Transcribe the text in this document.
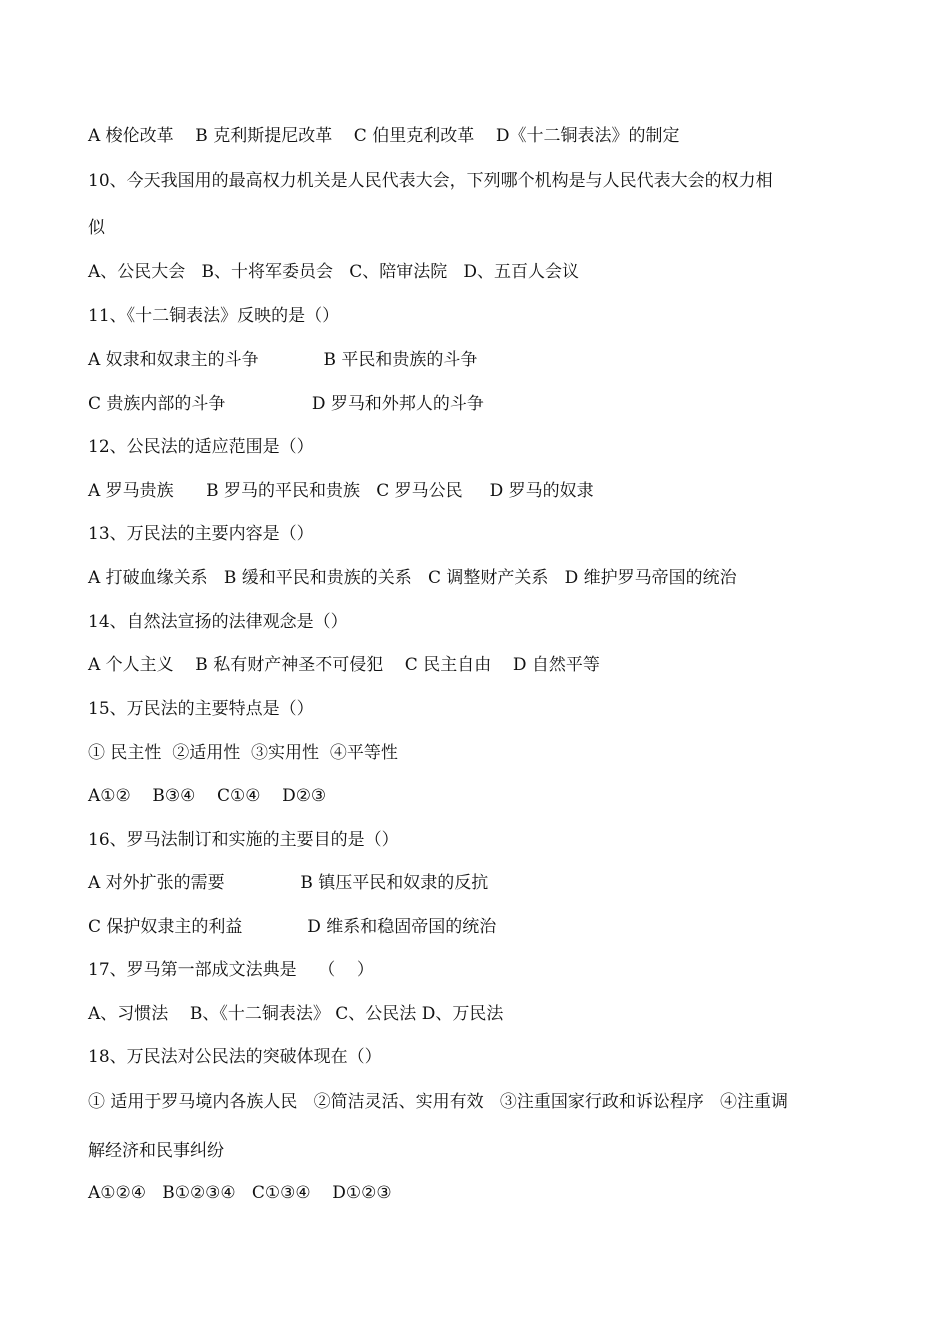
A 梭伦改革    B 克利斯提尼改革    C 伯里克利改革    D《十二铜表法》的制定
10、今天我国用的最高权力机关是人民代表大会，下列哪个机构是与人民代表大会的权力相
似
A、公民大会   B、十将军委员会   C、陪审法院   D、五百人会议
11、《十二铜表法》反映的是（）
A 奴隶和奴隶主的斗争            B 平民和贵族的斗争
C 贵族内部的斗争                D 罗马和外邦人的斗争
12、公民法的适应范围是（）
A 罗马贵族      B 罗马的平民和贵族   C 罗马公民     D 罗马的奴隶
13、万民法的主要内容是（）
A 打破血缘关系   B 缓和平民和贵族的关系   C 调整财产关系   D 维护罗马帝国的统治
14、自然法宣扬的法律观念是（）
A 个人主义    B 私有财产神圣不可侵犯    C 民主自由    D 自然平等
15、万民法的主要特点是（）
① 民主性  ②适用性  ③实用性  ④平等性
A①②    B③④    C①④    D②③
16、罗马法制订和实施的主要目的是（）
A 对外扩张的需要              B 镇压平民和奴隶的反抗
C 保护奴隶主的利益            D 维系和稳固帝国的统治
17、罗马第一部成文法典是    （    ）
A、习惯法    B、《十二铜表法》 C、公民法 D、万民法
18、万民法对公民法的突破体现在（）
① 适用于罗马境内各族人民   ②简洁灵活、实用有效   ③注重国家行政和诉讼程序   ④注重调
解经济和民事纠纷
A①②④   B①②③④   C①③④    D①②③
